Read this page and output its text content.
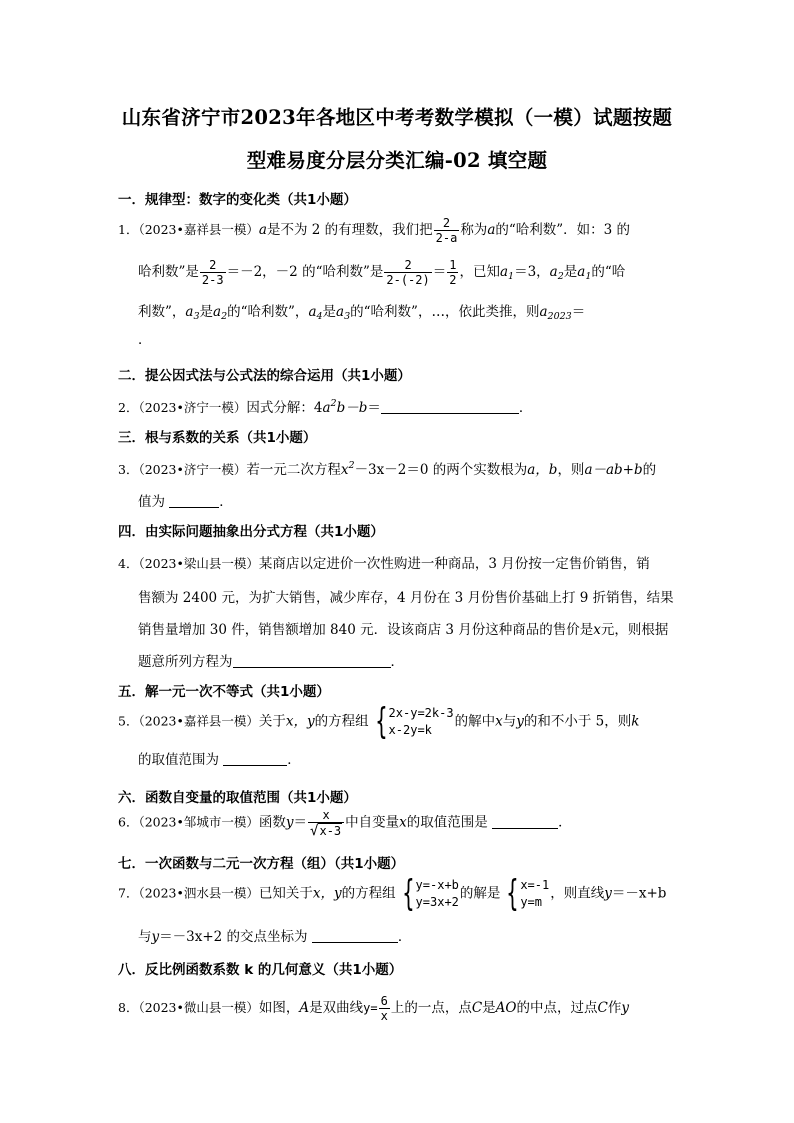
山东省济宁市2023年各地区中考考数学模拟（一模）试题按题
型难易度分层分类汇编-02 填空题
一．规律型：数字的变化类（共1小题）
1．（2023•嘉祥县一模）a是不为 2 的有理数，我们把 $\frac{2}{2-a}$ 称为a的“哈利数”．如：3 的
哈利数”是 $\frac{2}{2-3} =-2$，－2 的“哈利数”是 $\frac{2}{2-(-2)} = \frac{1}{2}$ ，已知$a_1=3$，$a_2$是$a_1$的“哈
利数”，$a_3$是$a_2$的“哈利数”，$a_4$是$a_3$的“哈利数”，…，依此类推，则$a_{2023}=$
．
二．提公因式法与公式法的综合运用（共1小题）
2．（2023•济宁一模）因式分解：$4a^2b-b=$	．
三．根与系数的关系（共1小题）
3．（2023•济宁一模）若一元二次方程$x^2-3x-2=0$ 的两个实数根为a，b，则a－ab+b的
值为	．
四．由实际问题抽象出分式方程（共1小题）
4．（2023•梁山县一模）某商店以定进价一次性购进一种商品，3 月份按一定售价销售，销
售额为 2400 元，为扩大销售，减少库存，4 月份在 3 月份售价基础上打 9 折销售，结果
销售量增加 30 件，销售额增加 840 元．设该商店 3 月份这种商品的售价是x元，则根据
题意所列方程为	．
五．解一元一次不等式（共1小题）
5．（2023•嘉祥县一模）关于x，y的方程组 { 2x-y=2k-3
x-2y=k
的解中x与y的和不小于 5，则k
的取值范围为	．
六．函数自变量的取值范围（共1小题）
6．（2023•邹城市一模）函数$y= \frac{x}{√ x-3}$ 中自变量x的取值范围是	．
七．一次函数与二元一次方程（组）（共1小题）
7．（2023•泗水县一模）已知关于x，y的方程组 { y=-x+b
y=3x+2
的解是 { x=-1
y=m
，则直线y＝－x+b
与y＝－3x+2 的交点坐标为	．
八．反比例函数系数 k 的几何意义（共1小题）
8．（2023•微山县一模）如图，A是双曲线$y= \frac{6}{x}$ 上的一点，点C是AO的中点，过点C作y
